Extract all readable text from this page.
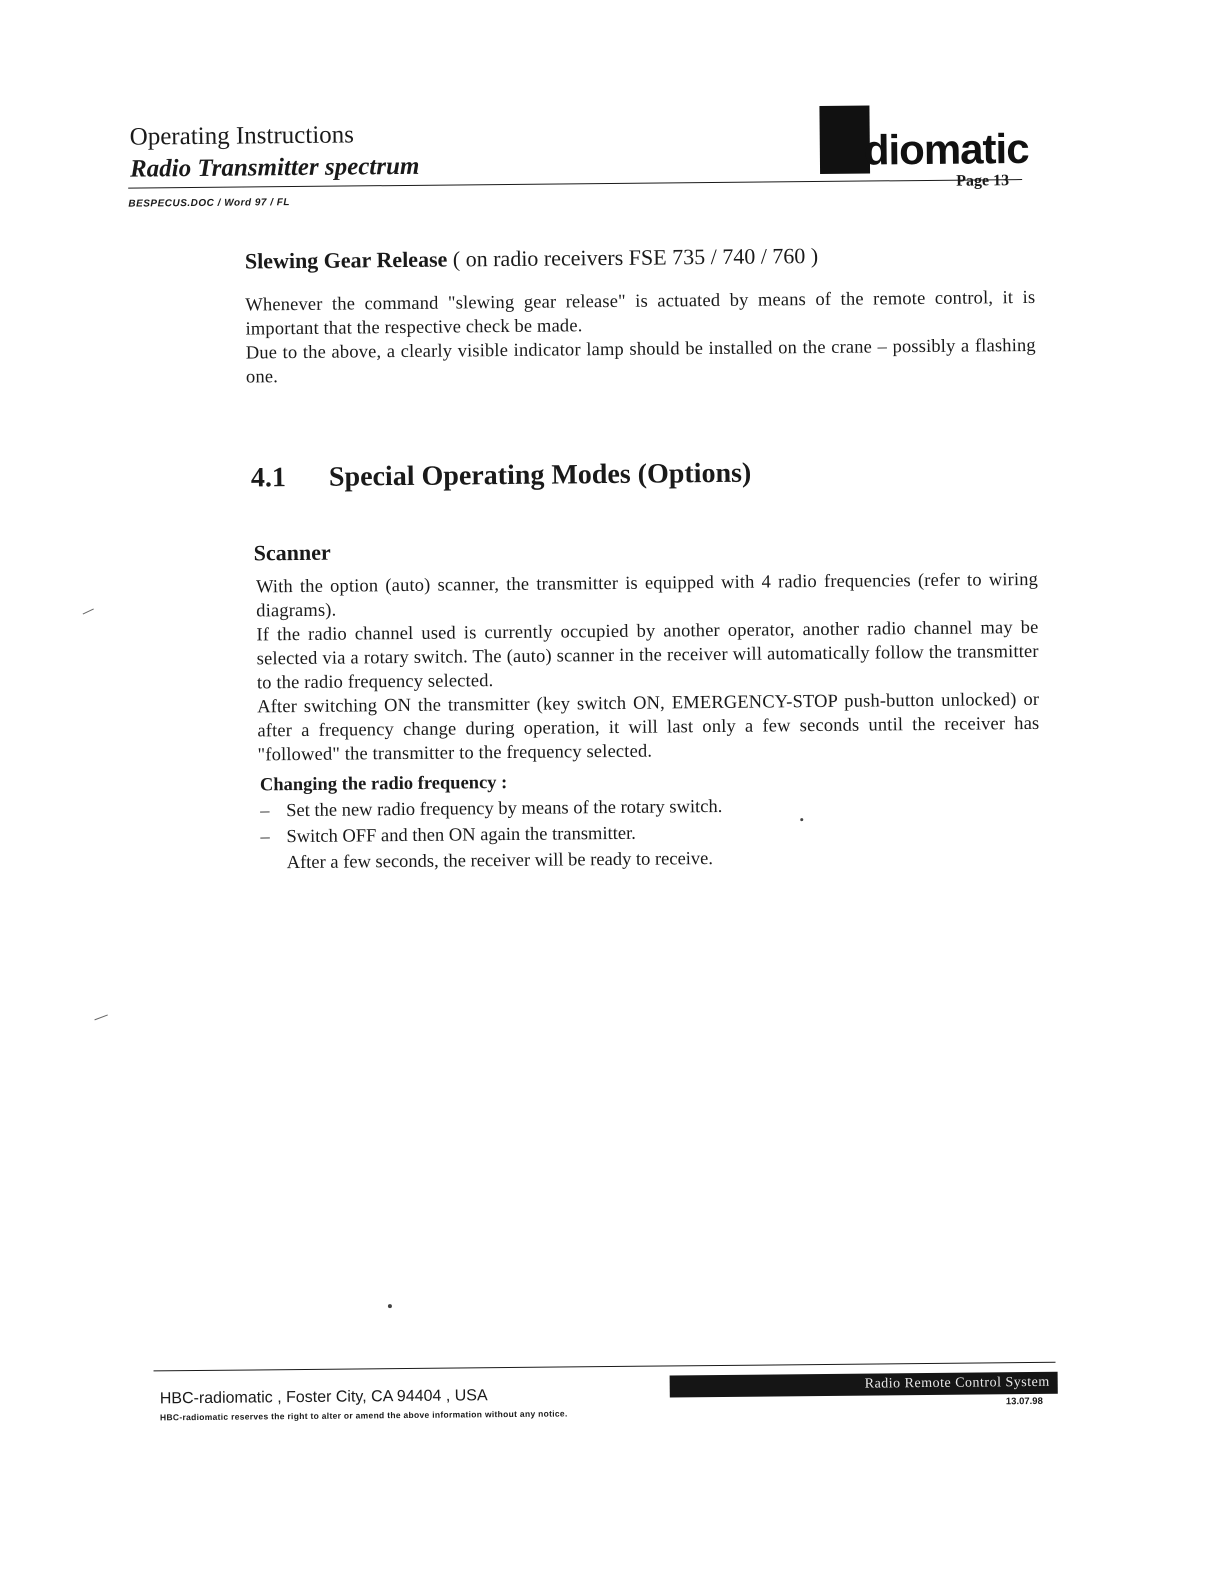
Operating Instructions
Radio Transmitter spectrum	diomatic
BESPECUS.DOC / Word 97 / FL
Page 13
Slewing Gear Release ( on radio receivers FSE 735 / 740 / 760 )

Whenever the command "slewing gear release" is actuated by means of the remote control, it is important that the respective check be made.

Due to the above, a clearly visible indicator lamp should be installed on the crane – possibly a flashing one.

4.1 Special Operating Modes (Options)
Scanner

With the option (auto) scanner, the transmitter is equipped with 4 radio frequencies (refer to wiring diagrams).

If the radio channel used is currently occupied by another operator, another radio channel may be selected via a rotary switch. The (auto) scanner in the receiver will automatically follow the transmitter to the radio frequency selected.

After switching ON the transmitter (key switch ON, EMERGENCY-STOP push-button unlocked) or after a frequency change during operation, it will last only a few seconds until the receiver has "followed" the transmitter to the frequency selected.

Changing the radio frequency :
– Set the new radio frequency by means of the rotary switch.
– Switch OFF and then ON again the transmitter.
After a few seconds, the receiver will be ready to receive.
HBC-radiomatic , Foster City, CA 94404 , USA
HBC-radiomatic reserves the right to alter or amend the above information without any notice.
Radio Remote Control System
13.07.98
